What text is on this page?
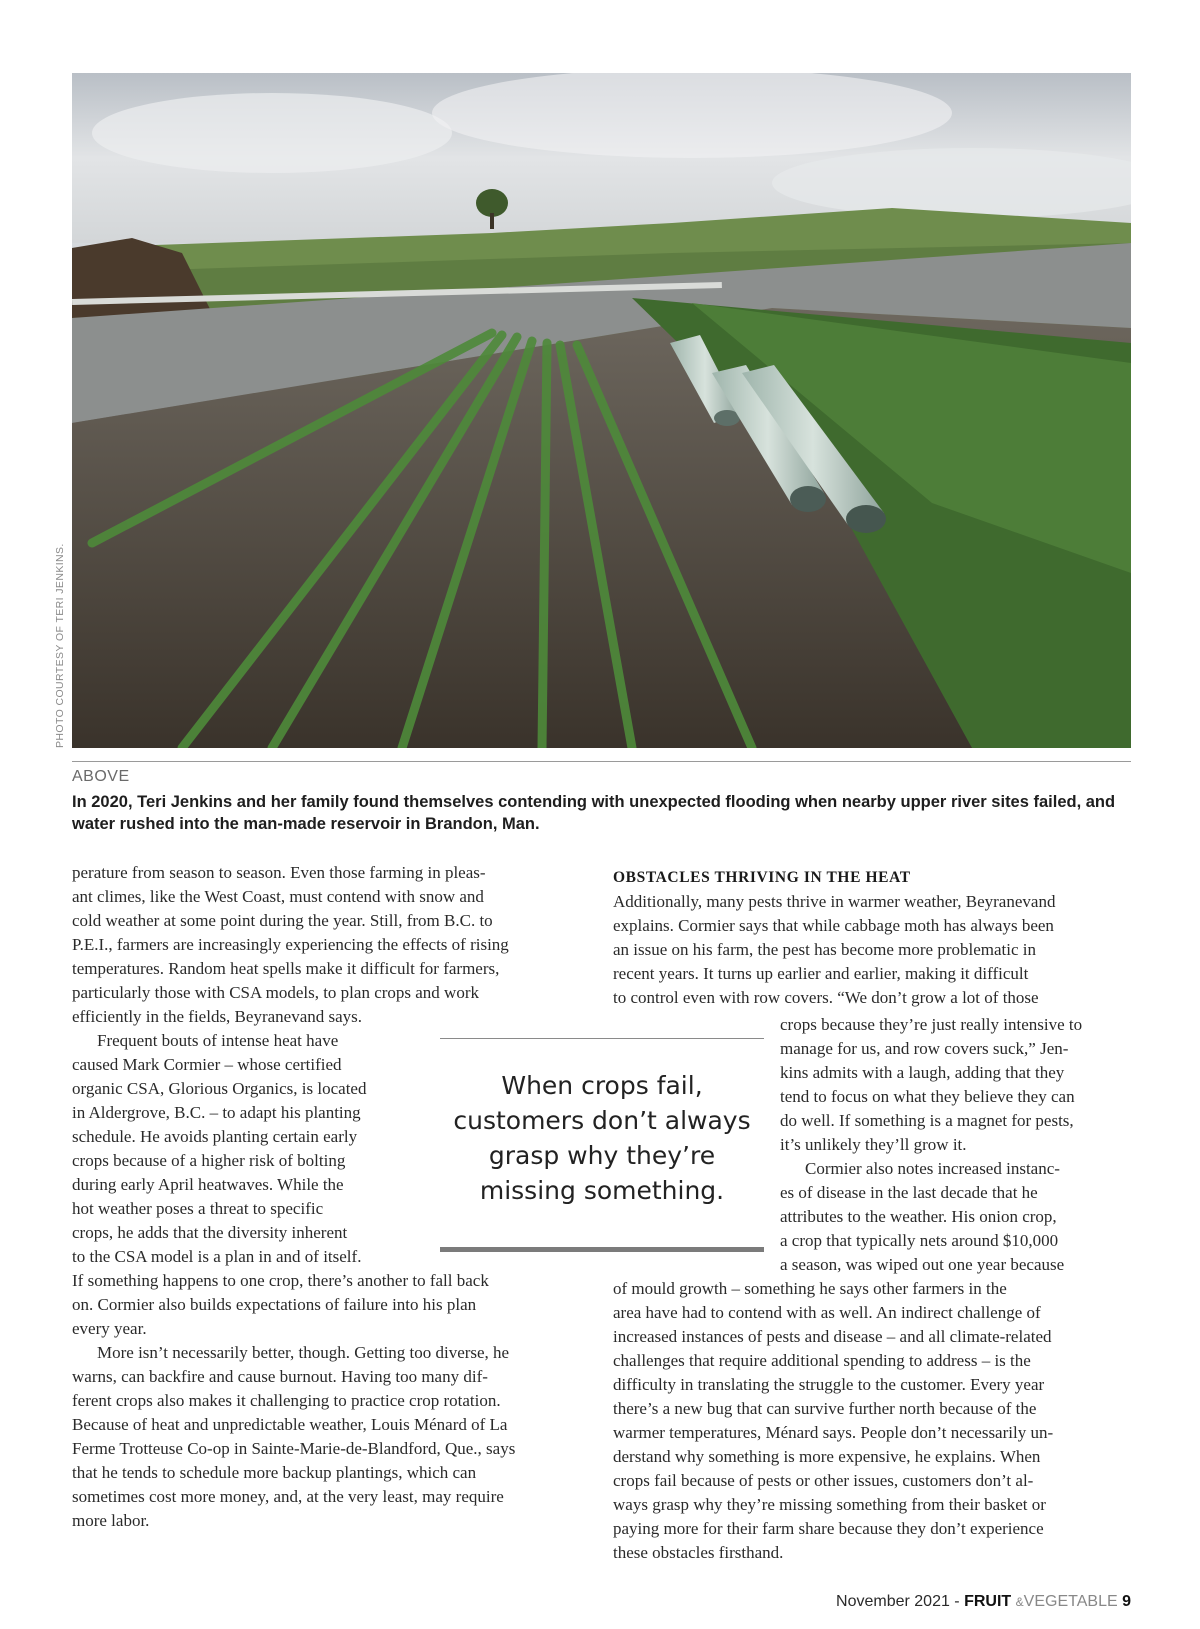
PHOTO COURTESY OF TERI JENKINS.
ABOVE
In 2020, Teri Jenkins and her family found themselves contending with unexpected flooding when nearby upper river sites failed, and water rushed into the man-made reservoir in Brandon, Man.

perature from season to season. Even those farming in pleas-

ant climes, like the West Coast, must contend with snow and

cold weather at some point during the year. Still, from B.C. to

P.E.I., farmers are increasingly experiencing the effects of rising

temperatures. Random heat spells make it difficult for farmers,

particularly those with CSA models, to plan crops and work

efficiently in the fields, Beyranevand says.

Frequent bouts of intense heat have

caused Mark Cormier – whose certified

organic CSA, Glorious Organics, is located

in Aldergrove, B.C. – to adapt his planting

schedule. He avoids planting certain early

crops because of a higher risk of bolting

during early April heatwaves. While the

hot weather poses a threat to specific

crops, he adds that the diversity inherent

to the CSA model is a plan in and of itself.

If something happens to one crop, there’s another to fall back

on. Cormier also builds expectations of failure into his plan

every year.

More isn’t necessarily better, though. Getting too diverse, he

warns, can backfire and cause burnout. Having too many dif-

ferent crops also makes it challenging to practice crop rotation.

Because of heat and unpredictable weather, Louis Ménard of La

Ferme Trotteuse Co-op in Sainte-Marie-de-Blandford, Que., says

that he tends to schedule more backup plantings, which can

sometimes cost more money, and, at the very least, may require

more labor.

When crops fail,
customers don’t always
grasp why they’re
missing something.

OBSTACLES THRIVING IN THE HEAT

Additionally, many pests thrive in warmer weather, Beyranevand

explains. Cormier says that while cabbage moth has always been

an issue on his farm, the pest has become more problematic in

recent years. It turns up earlier and earlier, making it difficult

to control even with row covers. “We don’t grow a lot of those

crops because they’re just really intensive to

manage for us, and row covers suck,” Jen-

kins admits with a laugh, adding that they

tend to focus on what they believe they can

do well. If something is a magnet for pests,

it’s unlikely they’ll grow it.

Cormier also notes increased instanc-

es of disease in the last decade that he

attributes to the weather. His onion crop,

a crop that typically nets around $10,000

a season, was wiped out one year because

of mould growth – something he says other farmers in the

area have had to contend with as well. An indirect challenge of

increased instances of pests and disease – and all climate-related

challenges that require additional spending to address – is the

difficulty in translating the struggle to the customer. Every year

there’s a new bug that can survive further north because of the

warmer temperatures, Ménard says. People don’t necessarily un-

derstand why something is more expensive, he explains. When

crops fail because of pests or other issues, customers don’t al-

ways grasp why they’re missing something from their basket or

paying more for their farm share because they don’t experience

these obstacles firsthand.

November 2021 - FRUIT &VEGETABLE 9
